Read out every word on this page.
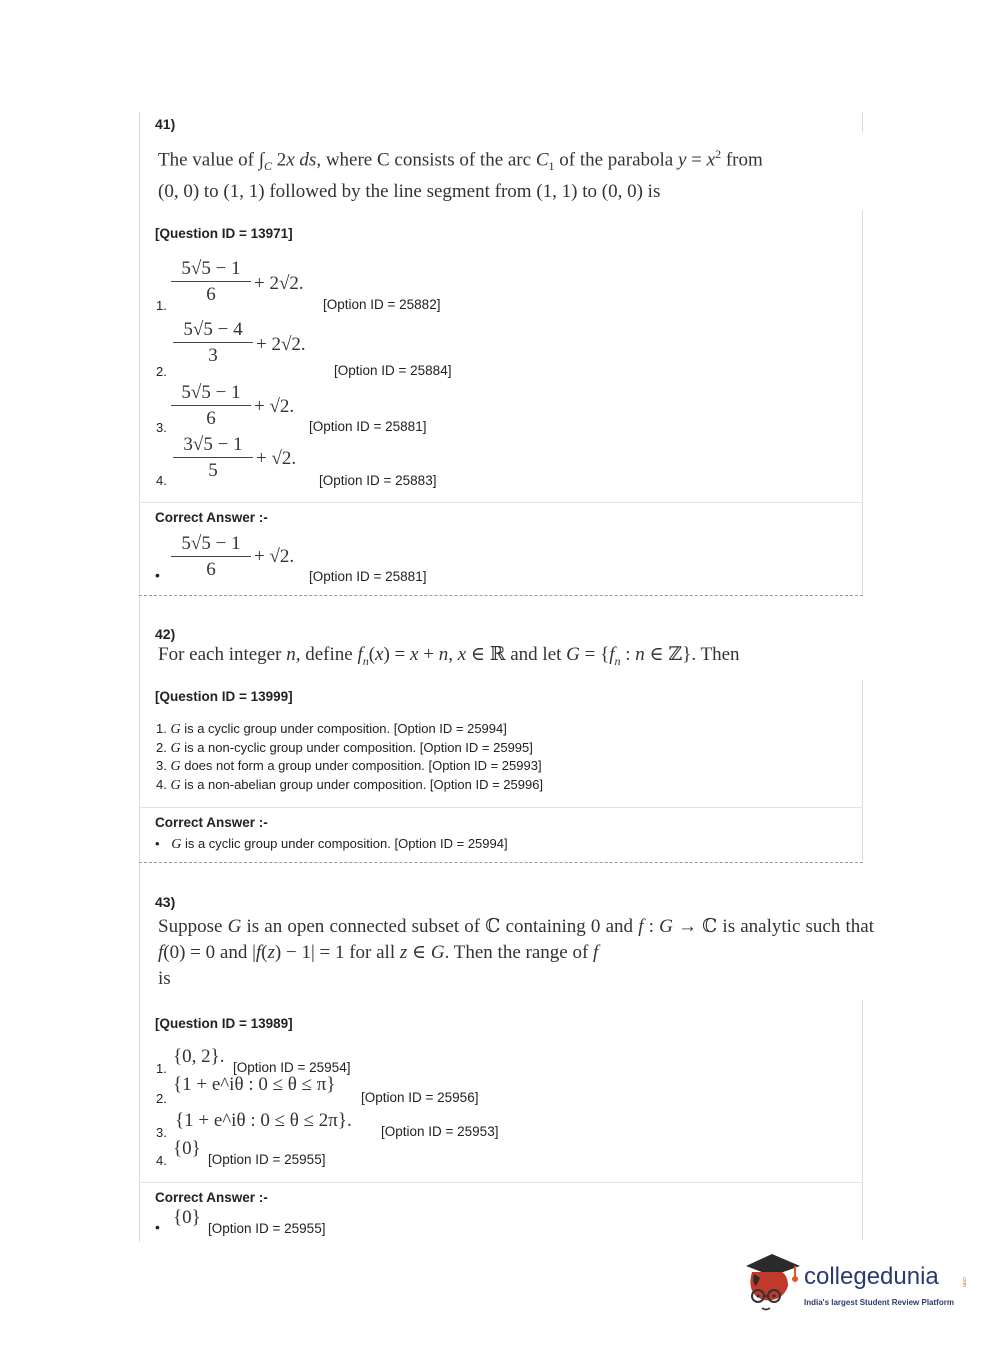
41)
The value of $\int_C$ 2x ds, where C consists of the arc $C_1$ of the parabola $y = x^2$ from
(0, 0) to (1, 1) followed by the line segment from (1, 1) to (0, 0) is
[Question ID = 13971]
5√5 − 1
6
+ 2√2.
1.	[Option ID = 25882]
5√5 − 4
3
+ 2√2.
2.	[Option ID = 25884]
5√5 − 1
6
+ √2.
3.	[Option ID = 25881]
3√5 − 1
5
+ √2.
4.	[Option ID = 25883]
Correct Answer :-
5√5 − 1
6
+ √2.
•	[Option ID = 25881]
42)
For each integer n, define $f_n(x) = x + n$, x ∈ ℝ and let $G = \{f_n$ : n ∈ ℤ}. Then
[Question ID = 13999]
1. G is a cyclic group under composition. [Option ID = 25994]
2. G is a non-cyclic group under composition. [Option ID = 25995]
3. G does not form a group under composition. [Option ID = 25993]
4. G is a non-abelian group under composition. [Option ID = 25996]
Correct Answer :-
• G is a cyclic group under composition. [Option ID = 25994]
43)
Suppose G is an open connected subset of ℂ containing 0 and f : G → ℂ is analytic such that f(0) = 0 and |f(z) − 1| = 1 for all z ∈ G. Then the range of f
is
[Question ID = 13989]
1.
{0, 2}.
[Option ID = 25954]
2.
{1 + e^iθ : 0 ≤ θ ≤ π}
[Option ID = 25956]
3.
{1 + e^iθ : 0 ≤ θ ≤ 2π}.
[Option ID = 25953]
4.
{0}
[Option ID = 25955]
Correct Answer :-
• {0}
[Option ID = 25955]
collegedunia	.com
India's largest Student Review Platform
